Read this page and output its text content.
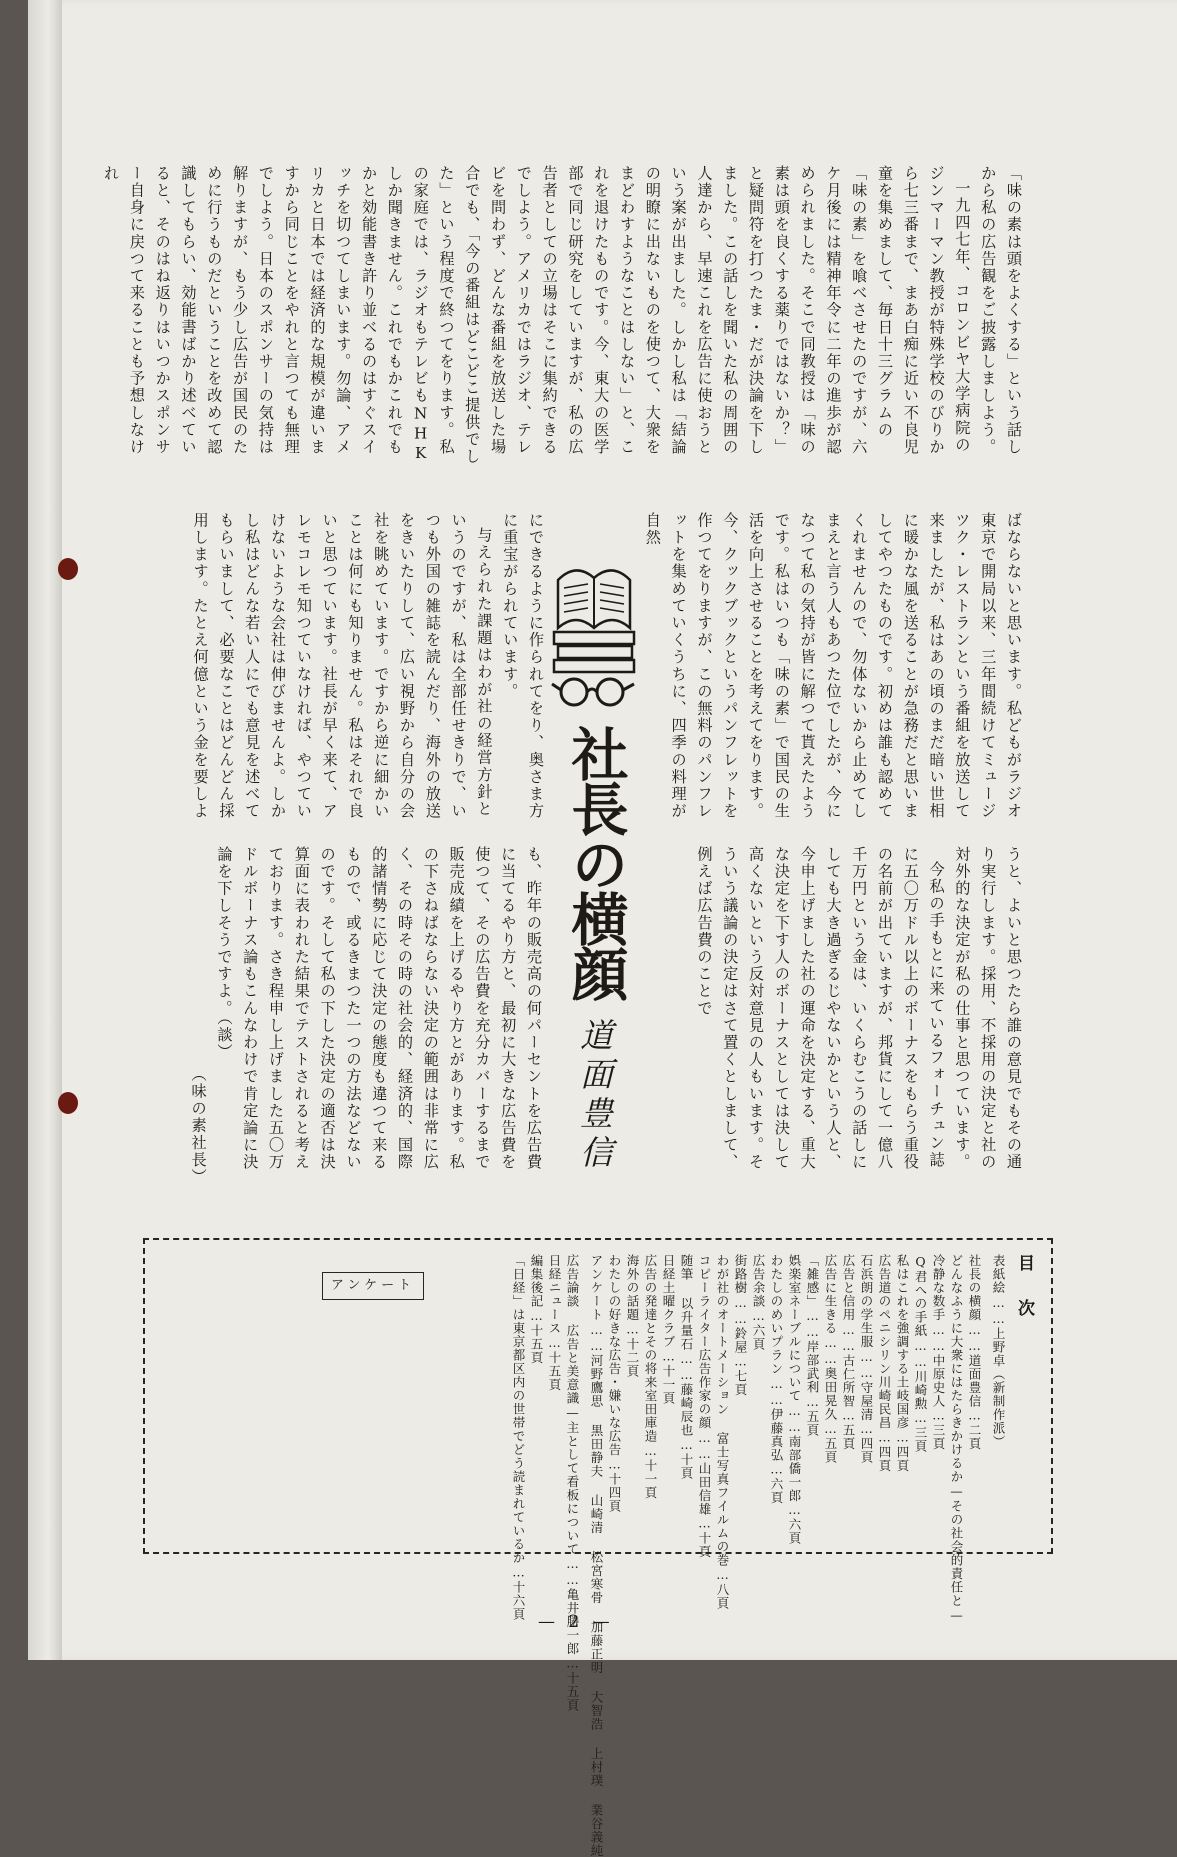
「味の素は頭をよくする」という話しから私の広告観をご披露しましよう。

一九四七年、コロンビヤ大学病院のジンマーマン教授が特殊学校のびりから七三番まで、まあ白痴に近い不良児童を集めまして、毎日十三グラムの「味の素」を喰べさせたのですが、六ケ月後には精神年令に二年の進歩が認められました。そこで同教授は「味の素は頭を良くする薬りではないか？」と疑問符を打つたま・だが決論を下しました。この話しを聞いた私の周囲の人達から、早速これを広告に使おうという案が出ました。しかし私は「結論の明瞭に出ないものを使つて、大衆をまどわすようなことはしない」と、これを退けたものです。今、東大の医学部で同じ研究をしていますが、私の広告者としての立場はそこに集約できるでしよう。アメリカではラジオ、テレビを問わず、どんな番組を放送した場合でも、「今の番組はどこどこ提供でした」という程度で終つてをります。私の家庭では、ラジオもテレビもNHKしか聞きません。これでもかこれでもかと効能書き許り並べるのはすぐスイッチを切つてしまいます。勿論、アメリカと日本では経済的な規模が違いますから同じことをやれと言つても無理でしよう。日本のスポンサーの気持は解りますが、もう少し広告が国民のために行うものだということを改めて認識してもらい、効能書ばかり述べていると、そのはね返りはいつかスポンサー自身に戻つて来ることも予想しなけれ

ばならないと思います。私どもがラジオ東京で開局以来、三年間続けてミュージツク・レストランという番組を放送して来ましたが、私はあの頃のまだ暗い世相に暖かな風を送ることが急務だと思いましてやつたものです。初めは誰も認めてくれませんので、勿体ないから止めてしまえと言う人もあつた位でしたが、今になつて私の気持が皆に解つて貰えたようです。私はいつも「味の素」で国民の生活を向上させることを考えてをります。今、クックブックというパンフレットを作つてをりますが、この無料のパンフレットを集めていくうちに、四季の料理が自然

にできるように作られてをり、奥さま方に重宝がられています。

与えられた課題はわが社の経営方針というのですが、私は全部任せきりで、いつも外国の雑誌を読んだり、海外の放送をきいたりして、広い視野から自分の会社を眺めています。ですから逆に細かいことは何にも知りません。私はそれで良いと思つています。社長が早く来て、アレモコレモ知つていなければ、やつていけないような会社は伸びませんよ。しかし私はどんな若い人にでも意見を述べてもらいまして、必要なことはどんどん採用します。たとえ何億という金を要しよ

うと、よいと思つたら誰の意見でもその通り実行します。採用、不採用の決定と社の対外的な決定が私の仕事と思つています。

今私の手もとに来ているフォーチュン誌に五〇万ドル以上のボーナスをもらう重役の名前が出ていますが、邦貨にして一億八千万円という金は、いくらむこうの話しにしても大き過ぎるじやないかという人と、今申上げました社の運命を決定する、重大な決定を下す人のボーナスとしては決して高くないという反対意見の人もいます。そういう議論の決定はさて置くとしまして、例えば広告費のことで

も、昨年の販売高の何パーセントを広告費に当てるやり方と、最初に大きな広告費を使つて、その広告費を充分カバーするまで販売成績を上げるやり方とがあります。私の下さねばならない決定の範囲は非常に広く、その時その時の社会的、経済的、国際的諸情勢に応じて決定の態度も違つて来るもので、或るきまつた一つの方法などないのです。そして私の下した決定の適否は決算面に表われた結果でテストされると考えております。さき程申し上げました五〇万ドルボーナス論もこんなわけで肯定論に決論を下しそうですよ。（談）

（味の素社長）

社長の横顔
道面豊信
目次
表紙絵……上野卓（新制作派）
社長の横顔……道面豊信…二頁
どんなふうに大衆にはたらきかけるか—その社会的責任と—
冷静な数手……中原史人…三頁
Q君への手紙……川崎勲…三頁
私はこれを強調する土岐国彦…四頁
広告道のペニシリン川崎民昌…四頁
石浜朗の学生服……守屋清…四頁
広告と信用……古仁所智…五頁
広告に生きる……奥田晃久…五頁
「雑感」……岸部武利…五頁
娯楽室ネーブルについて……南部僑一郎…六頁
わたしのめいプラン……伊藤真弘…六頁
広告余談…六頁
街路樹……鈴屋…七頁
わが社のオートメーション 富士写真フイルムの巻…八頁
コピーライター広告作家の顔……山田信雄…十頁
随筆 以升量石……藤崎辰也…十頁
日経土曜クラブ…十一頁
広告の発達とその将来室田庫造…十一頁
海外の話題…十二頁
わたしの好きな広告・嫌いな広告…十四頁
アンケート……河野鷹思 黒田静夫 山崎清 松宮寒骨 加藤正明 大智浩 上村璞 業谷義純
広告論談 広告と美意識—主として看板について……亀井勝一郎…十五頁
日経ニュース…十五頁
編集後記…十五頁
「日経」は東京都区内の世帯でどう読まれているか…十六頁
アンケート
— 2 —
